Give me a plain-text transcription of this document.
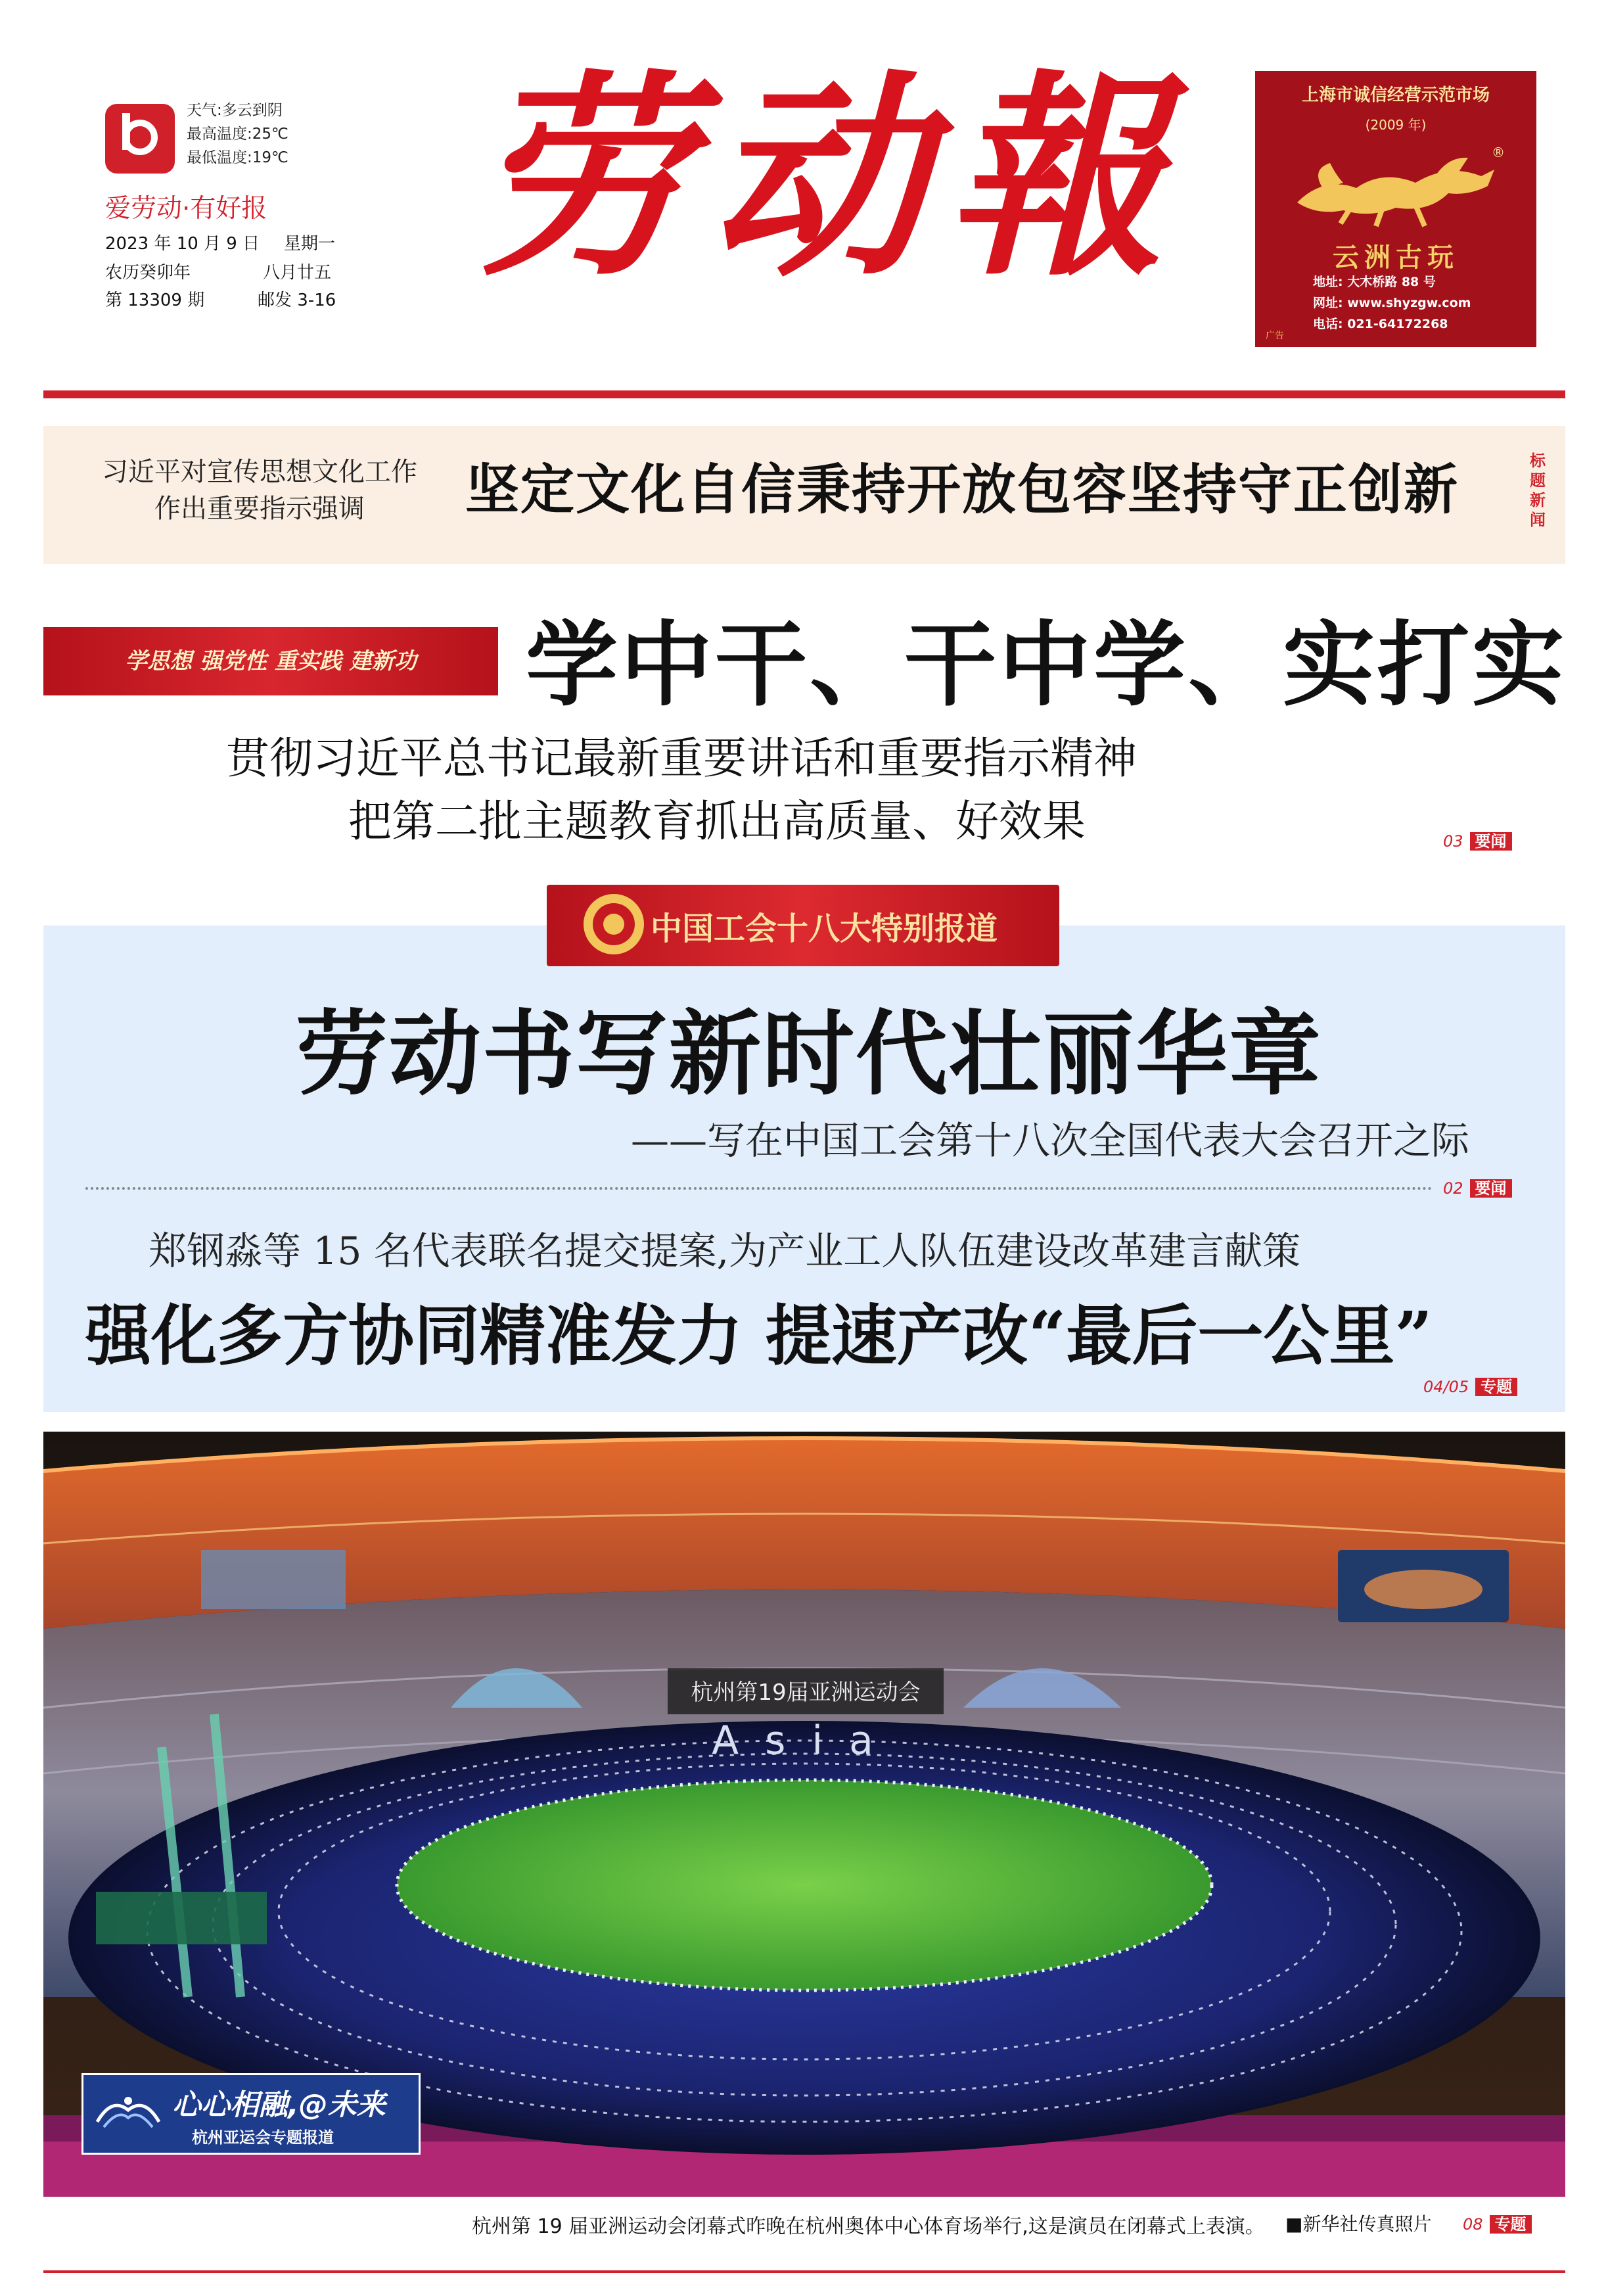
天气:多云到阴
最高温度:25℃
最低温度:19℃
爱劳动·有好报
2023 年 10 月 9 日 星期一
农历癸卯年	八月廿五
第 13309 期	邮发 3-16 劳动報	上海市诚信经营示范市场
(2009 年)
®
云洲古玩
地址: 大木桥路 88 号
网址: www.shyzgw.com
电话: 021-64172268
广告
习近平对宣传思想文化工作
作出重要指示强调	坚定文化自信秉持开放包容坚持守正创新	标题新闻
学思想 强党性 重实践 建新功	学中干、干中学、实打实
贯彻习近平总书记最新重要讲话和重要指示精神
把第二批主题教育抓出高质量、好效果	03 要闻
中国工会十八大特别报道
劳动书写新时代壮丽华章
——写在中国工会第十八次全国代表大会召开之际
02 要闻
郑钢淼等 15 名代表联名提交提案,为产业工人队伍建设改革建言献策
强化多方协同精准发力 提速产改“最后一公里”
04/05 专题
杭州第19届亚洲运动会
Asia
心心相融,@未来
杭州亚运会专题报道
杭州第 19 届亚洲运动会闭幕式昨晚在杭州奥体中心体育场举行,这是演员在闭幕式上表演。 ■新华社传真照片 08 专题
